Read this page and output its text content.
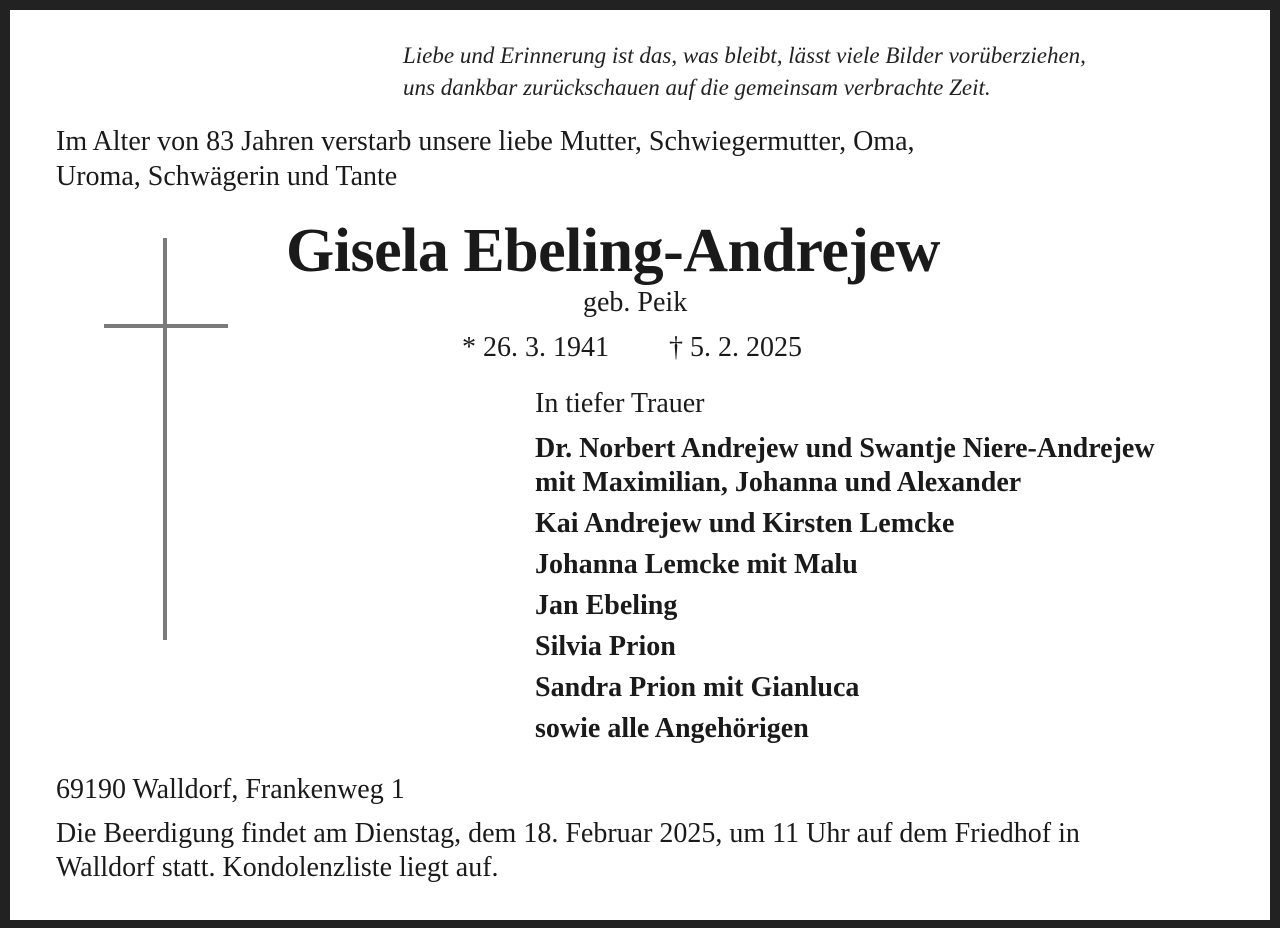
Liebe und Erinnerung ist das, was bleibt, lässt viele Bilder vorüberziehen,
uns dankbar zurückschauen auf die gemeinsam verbrachte Zeit.
Im Alter von 83 Jahren verstarb unsere liebe Mutter, Schwiegermutter, Oma,
Uroma, Schwägerin und Tante
Gisela Ebeling-Andrejew
geb. Peik
* 26. 3. 1941 † 5. 2. 2025
In tiefer Trauer
Dr. Norbert Andrejew und Swantje Niere-Andrejew
mit Maximilian, Johanna und Alexander
Kai Andrejew und Kirsten Lemcke
Johanna Lemcke mit Malu
Jan Ebeling
Silvia Prion
Sandra Prion mit Gianluca
sowie alle Angehörigen
69190 Walldorf, Frankenweg 1
Die Beerdigung findet am Dienstag, dem 18. Februar 2025, um 11 Uhr auf dem Friedhof in
Walldorf statt. Kondolenzliste liegt auf.
